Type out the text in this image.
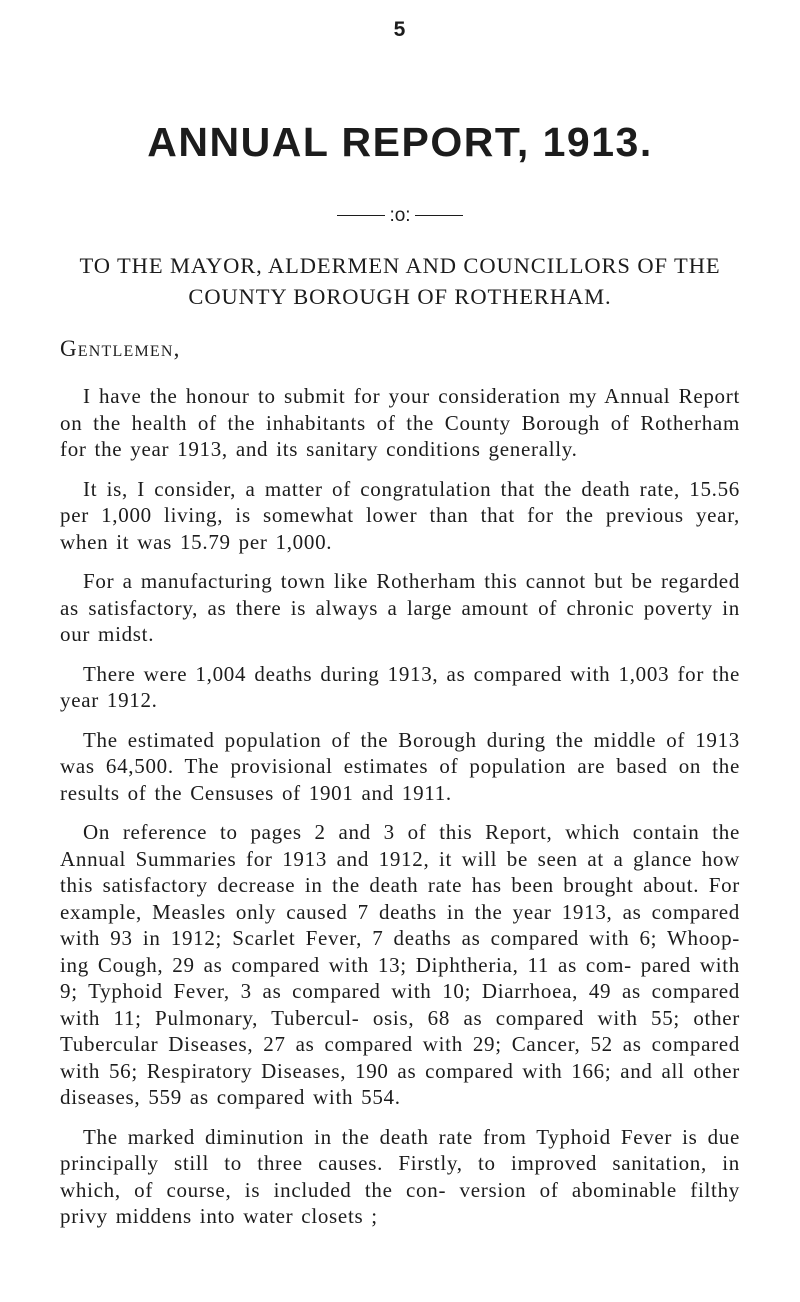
5
ANNUAL REPORT, 1913.
:o:

TO THE MAYOR, ALDERMEN AND COUNCILLORS OF THE COUNTY BOROUGH OF ROTHERHAM.

Gentlemen,

I have the honour to submit for your consideration my Annual Report on the health of the inhabitants of the County Borough of Rotherham for the year 1913, and its sanitary conditions generally.

It is, I consider, a matter of congratulation that the death rate, 15.56 per 1,000 living, is somewhat lower than that for the previous year, when it was 15.79 per 1,000.

For a manufacturing town like Rotherham this cannot but be regarded as satisfactory, as there is always a large amount of chronic poverty in our midst.

There were 1,004 deaths during 1913, as compared with 1,003 for the year 1912.

The estimated population of the Borough during the middle of 1913 was 64,500. The provisional estimates of population are based on the results of the Censuses of 1901 and 1911.

On reference to pages 2 and 3 of this Report, which contain the Annual Summaries for 1913 and 1912, it will be seen at a glance how this satisfactory decrease in the death rate has been brought about. For example, Measles only caused 7 deaths in the year 1913, as compared with 93 in 1912; Scarlet Fever, 7 deaths as compared with 6; Whoop- ing Cough, 29 as compared with 13; Diphtheria, 11 as com- pared with 9; Typhoid Fever, 3 as compared with 10; Diarrhoea, 49 as compared with 11; Pulmonary, Tubercul- osis, 68 as compared with 55; other Tubercular Diseases, 27 as compared with 29; Cancer, 52 as compared with 56; Respiratory Diseases, 190 as compared with 166; and all other diseases, 559 as compared with 554.

The marked diminution in the death rate from Typhoid Fever is due principally still to three causes. Firstly, to improved sanitation, in which, of course, is included the con- version of abominable filthy privy middens into water closets ;
